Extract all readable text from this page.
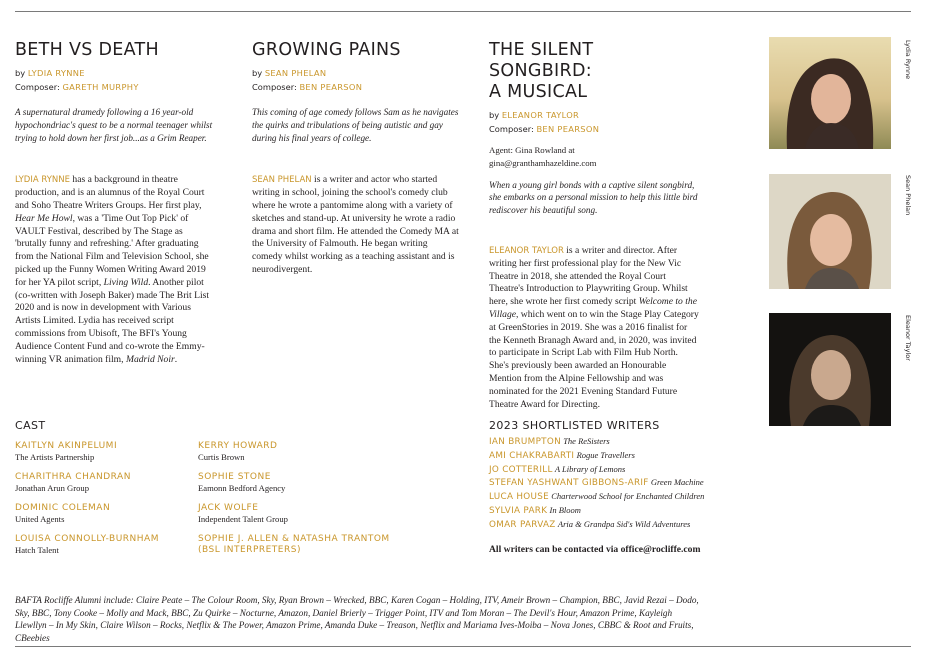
BETH VS DEATH

by LYDIA RYNNE

Composer: GARETH MURPHY

A supernatural dramedy following a 16 year-old hypochondriac's quest to be a normal teenager whilst trying to hold down her first job...as a Grim Reaper.

LYDIA RYNNE has a background in theatre production, and is an alumnus of the Royal Court and Soho Theatre Writers Groups. Her first play, Hear Me Howl, was a 'Time Out Top Pick' of VAULT Festival, described by The Stage as 'brutally funny and refreshing.' After graduating from the National Film and Television School, she picked up the Funny Women Writing Award 2019 for her YA pilot script, Living Wild. Another pilot (co-written with Joseph Baker) made The Brit List 2020 and is now in development with Various Artists Limited. Lydia has received script commissions from Ubisoft, The BFI's Young Audience Content Fund and co-wrote the Emmy-winning VR animation film, Madrid Noir.

GROWING PAINS

by SEAN PHELAN

Composer: BEN PEARSON

This coming of age comedy follows Sam as he navigates the quirks and tribulations of being autistic and gay during his final years of college.

SEAN PHELAN is a writer and actor who started writing in school, joining the school's comedy club where he wrote a pantomime along with a variety of sketches and stand-up. At university he wrote a radio drama and short film. He attended the Comedy MA at the University of Falmouth. He began writing comedy whilst working as a teaching assistant and is neurodivergent.

THE SILENT SONGBIRD:
A MUSICAL

by ELEANOR TAYLOR

Composer: BEN PEARSON

Agent: Gina Rowland at
gina@granthamhazeldine.com

When a young girl bonds with a captive silent songbird, she embarks on a personal mission to help this little bird rediscover his beautiful song.

ELEANOR TAYLOR is a writer and director. After writing her first professional play for the New Vic Theatre in 2018, she attended the Royal Court Theatre's Introduction to Playwriting Group. Whilst here, she wrote her first comedy script Welcome to the Village, which went on to win the Stage Play Category at GreenStories in 2019. She was a 2016 finalist for the Kenneth Branagh Award and, in 2020, was invited to participate in Script Lab with Film Hub North. She's previously been awarded an Honourable Mention from the Alpine Fellowship and was nominated for the 2021 Evening Standard Future Theatre Award for Directing.

Lydia Rynne
Sean Phelan
Eleanor Taylor

CAST

KAITLYN AKINPELUMI
The Artists Partnership
CHARITHRA CHANDRAN
Jonathan Arun Group
DOMINIC COLEMAN
United Agents
LOUISA CONNOLLY-BURNHAM
Hatch Talent
KERRY HOWARD
Curtis Brown
SOPHIE STONE
Eamonn Bedford Agency
JACK WOLFE
Independent Talent Group
SOPHIE J. ALLEN & NATASHA TRANTOM
(BSL INTERPRETERS)

2023 SHORTLISTED WRITERS

IAN BRUMPTON The ReSisters
AMI CHAKRABARTI Rogue Travellers
JO COTTERILL A Library of Lemons
STEFAN YASHWANT GIBBONS-ARIF Green Machine
LUCA HOUSE Charterwood School for Enchanted Children
SYLVIA PARK In Bloom
OMAR PARVAZ Aria & Grandpa Sid's Wild Adventures

All writers can be contacted via office@rocliffe.com

BAFTA Rocliffe Alumni include: Claire Peate – The Colour Room, Sky, Ryan Brown – Wrecked, BBC, Karen Cogan – Holding, ITV, Ameir Brown – Champion, BBC, Javid Rezai – Dodo, Sky, BBC, Tony Cooke – Molly and Mack, BBC, Zu Quirke – Nocturne, Amazon, Daniel Brierly – Trigger Point, ITV and Tom Moran – The Devil's Hour, Amazon Prime, Kayleigh Llewllyn – In My Skin, Claire Wilson – Rocks, Netflix & The Power, Amazon Prime, Amanda Duke – Treason, Netflix and Mariama Ives-Moiba – Nova Jones, CBBC & Root and Fruits, CBeebies
